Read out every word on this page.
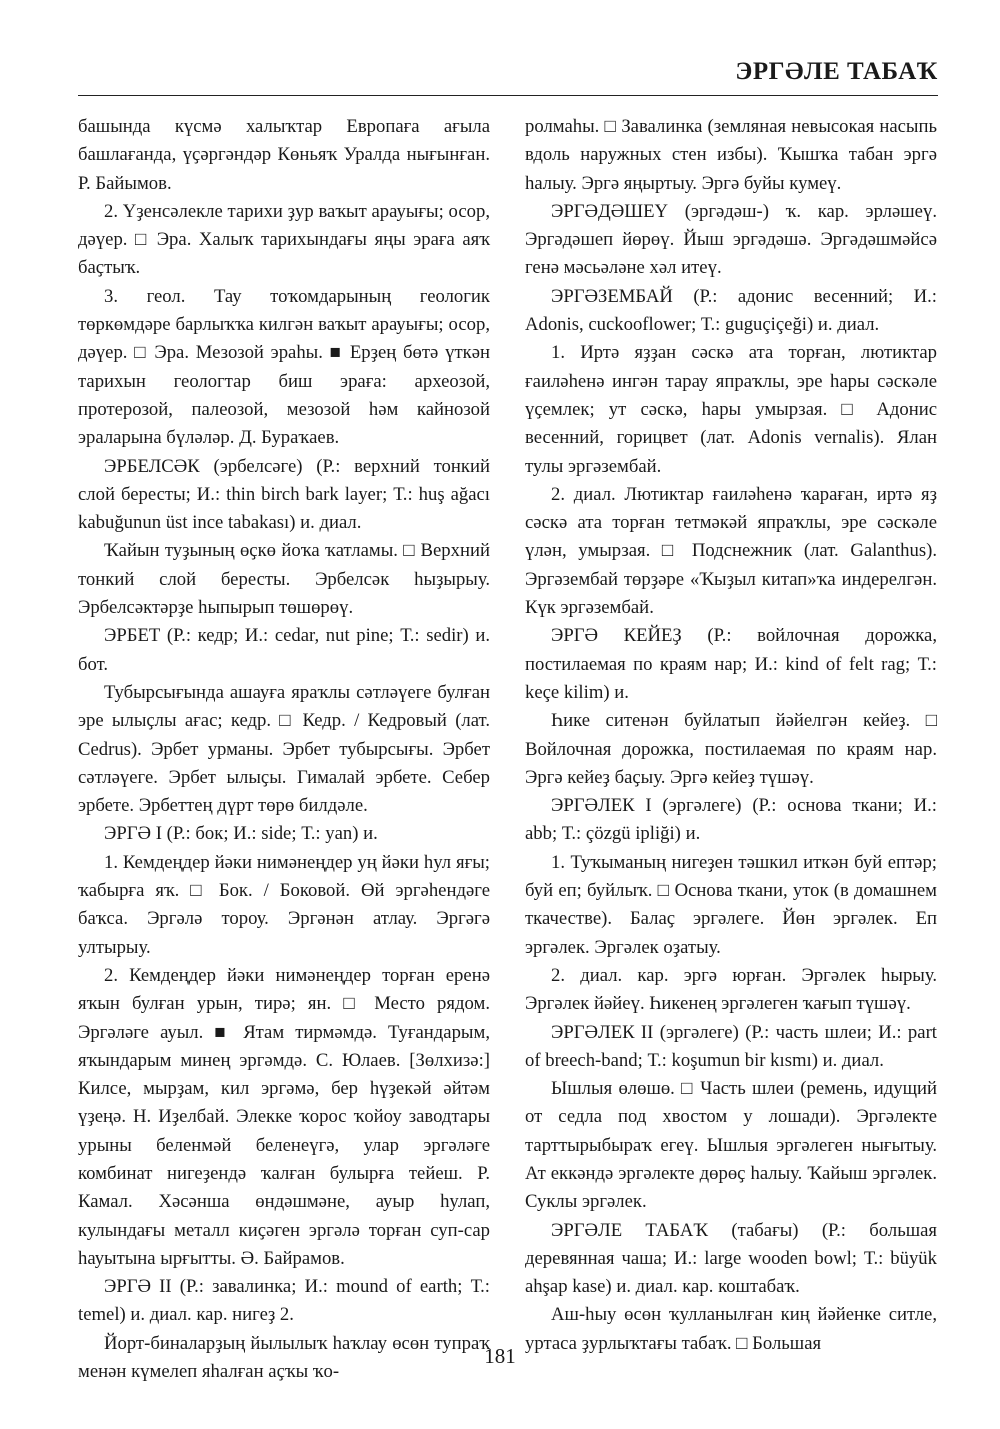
ЭРГӘЛЕ ТАБАҠ

башында күсмә халыҡтар Европаға ағыла башлағанда, үҫәргәндәр Көньяҡ Уралда нығынған. Р. Байымов.

2. Үҙенсәлекле тарихи ҙур ваҡыт арауығы; осор, дәүер. □ Эра. Халыҡ тарихындағы яңы эраға аяҡ баҫтыҡ.

3. геол. Тау тоҡомдарының геологик төркөмдәре барлыҡҡа килгән ваҡыт арауығы; осор, дәүер. □ Эра. Мезозой эраһы. ■ Ерҙең бөтә үткән тарихын геологтар биш эраға: археозой, протерозой, палеозой, мезозой һәм кайнозой эраларына бүләләр. Д. Бураҡаев.

ЭРБЕЛСӘК (эрбелсәге) (Р.: верхний тонкий слой бересты; И.: thin birch bark layer; Т.: huş ağacı kabuğunun üst ince tabakası) и. диал.

Ҡайын туҙының өҫкө йоҡа ҡатламы. □ Верхний тонкий слой бересты. Эрбелсәк һыҙырыу. Эрбелсәктәрҙе һыпырып төшөрөү.

ЭРБЕТ (Р.: кедр; И.: cedar, nut pine; Т.: sedir) и. бот.

Тубырсығында ашауға яраҡлы сәтләүеге булған эре ылыҫлы ағас; кедр. □ Кедр. / Кедровый (лат. Cedrus). Эрбет урманы. Эрбет тубырсығы. Эрбет сәтләүеге. Эрбет ылыҫы. Гималай эрбете. Себер эрбете. Эрбеттең дүрт төрө билдәле.

ЭРГӘ I (Р.: бок; И.: side; Т.: yan) и.

1. Кемдеңдер йәки нимәнеңдер уң йәки һул яғы; ҡабырға яҡ. □ Бок. / Боковой. Өй эргәһендәге баҡса. Эргәлә тороу. Эргәнән атлау. Эргәгә ултырыу.

2. Кемдеңдер йәки нимәнеңдер торған еренә яҡын булған урын, тирә; ян. □ Место рядом. Эргәләге ауыл. ■ Ятам тирмәмдә. Туғандарым, яҡындарым минең эргәмдә. С. Юлаев. [Зөлхизә:] Килсе, мырҙам, кил эргәмә, бер һүҙекәй әйтәм үҙеңә. Н. Иҙелбай. Элекке ҡорос ҡойоу заводтары урыны беленмәй беленеүгә, улар эргәләге комбинат нигеҙендә ҡалған булырға тейеш. Р. Камал. Хәсәнша өндәшмәне, ауыр һулап, кулындағы металл киҫәген эргәлә торған суп-сар һауытына ырғытты. Ә. Байрамов.

ЭРГӘ II (Р.: завалинка; И.: mound of earth; Т.: temel) и. диал. кар. нигеҙ 2.

Йорт-биналарҙың йылылыҡ һаҡлау өсөн тупраҡ менән күмелеп яһалған аҫҡы ҡо-

ролмаһы. □ Завалинка (земляная невысокая насыпь вдоль наружных стен избы). Ҡышҡа табан эргә һалыу. Эргә яңыртыу. Эргә буйы кумеү.

ЭРГӘДӘШЕҮ (эргәдәш-) ҡ. кар. эрләшеү. Эргәдәшеп йөрөү. Йыш эргәдәшә. Эргәдәшмәйсә генә мәсьәләне хәл итеү.

ЭРГӘЗЕМБАЙ (Р.: адонис весенний; И.: Adonis, cuckooflower; Т.: guguçiçeği) и. диал.

1. Иртә яҙҙан сәскә ата торған, лютиктар ғаиләһенә ингән тарау япраҡлы, эре һары сәскәле үҫемлек; ут сәскә, һары умырзая. □ Адонис весенний, горицвет (лат. Adonis vernalis). Ялан тулы эргәзембай.

2. диал. Лютиктар ғаиләһенә ҡараған, иртә яҙ сәскә ата торған тетмәкәй япраҡлы, эре сәскәле үлән, умырзая. □ Подснежник (лат. Galanthus). Эргәзембай төрҙәре «Ҡыҙыл китап»ҡа индерелгән. Күк эргәзембай.

ЭРГӘ КЕЙЕҘ (Р.: войлочная дорожка, постилаемая по краям нар; И.: kind of felt rag; Т.: keçe kilim) и.

Һике ситенән буйлатып йәйелгән кейеҙ. □ Войлочная дорожка, постилаемая по краям нар. Эргә кейеҙ баҫыу. Эргә кейеҙ түшәү.

ЭРГӘЛЕК I (эргәлеге) (Р.: основа ткани; И.: abb; Т.: çözgü ipliği) и.

1. Туҡыманың нигеҙен тәшкил иткән буй ептәр; буй еп; буйлыҡ. □ Основа ткани, уток (в домашнем ткачестве). Балаҫ эргәлеге. Йөн эргәлек. Еп эргәлек. Эргәлек оҙатыу.

2. диал. кар. эргә юрған. Эргәлек һырыу. Эргәлек йәйеү. Һикенең эргәлеген ҡағып түшәү.

ЭРГӘЛЕК II (эргәлеге) (Р.: часть шлеи; И.: part of breech-band; Т.: koşumun bir kısmı) и. диал.

Ышлыя өлөшө. □ Часть шлеи (ремень, идущий от седла под хвостом у лошади). Эргәлекте тарттырыбыраҡ егеү. Ышлыя эргәлеген нығытыу. Ат еккәндә эргәлекте дөрөҫ һалыу. Ҡайыш эргәлек. Суклы эргәлек.

ЭРГӘЛЕ ТАБАҠ (табағы) (Р.: большая деревянная чаша; И.: large wooden bowl; Т.: büyük ahşap kase) и. диал. кар. коштабаҡ.

Аш-һыу өсөн ҡулланылған киң йәйенке ситле, уртаса ҙурлыҡтағы табаҡ. □ Большая

181
